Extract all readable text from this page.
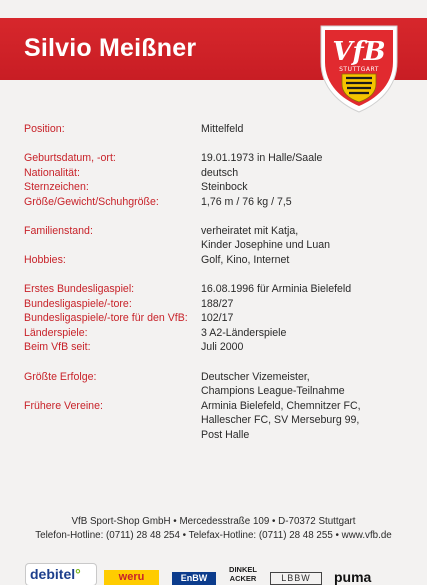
Silvio Meißner	VfB
STUTTGART
Position:	Mittelfeld
Geburtsdatum, -ort:	19.01.1973 in Halle/Saale
Nationalität:	deutsch
Sternzeichen:	Steinbock
Größe/Gewicht/Schuhgröße:	1,76 m / 76 kg / 7,5
Familienstand:	verheiratet mit Katja,
Kinder Josephine und Luan
Hobbies:	Golf, Kino, Internet
Erstes Bundesligaspiel:	16.08.1996 für Arminia Bielefeld
Bundesligaspiele/-tore:	188/27
Bundesligaspiele/-tore für den VfB:	102/17
Länderspiele:	3 A2-Länderspiele
Beim VfB seit:	Juli 2000
Größte Erfolge:	Deutscher Vizemeister,
Champions League-Teilnahme
Frühere Vereine:	Arminia Bielefeld, Chemnitzer FC,
Hallescher FC, SV Merseburg 99,
Post Halle
VfB Sport-Shop GmbH • Mercedesstraße 109 • D-70372 Stuttgart
Telefon-Hotline: (0711) 28 48 254 • Telefax-Hotline: (0711) 28 48 255 • www.vfb.de
debitel°	weru	EnBW
DINKEL
ACKER	LBBW	puma
